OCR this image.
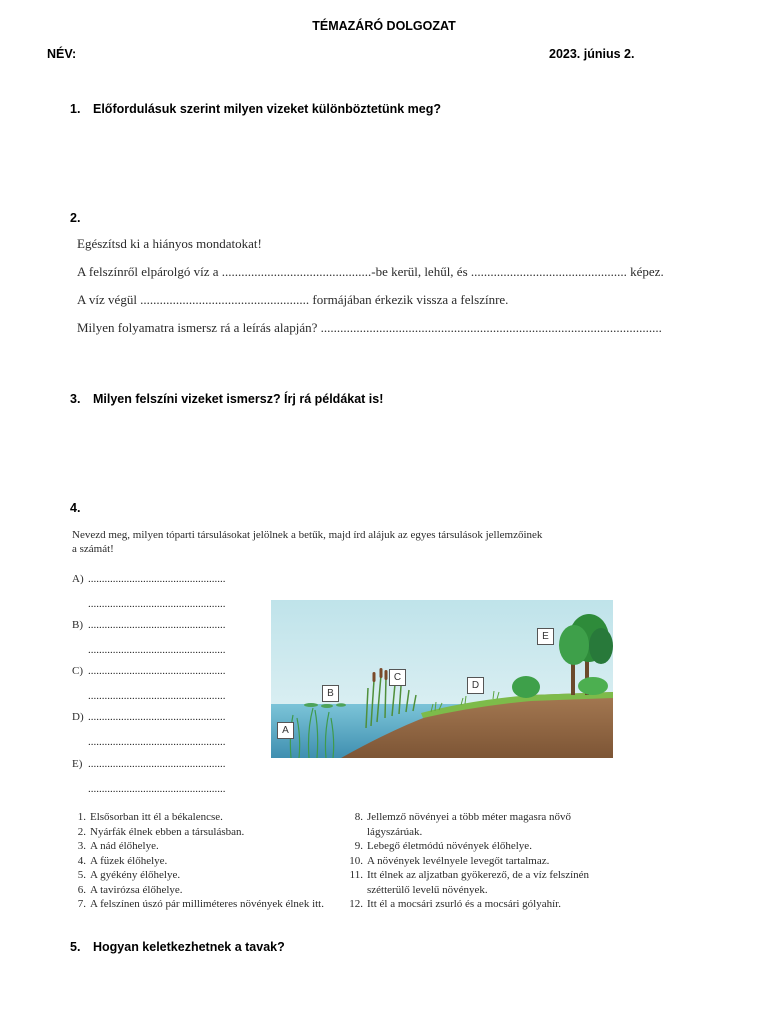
TÉMAZÁRÓ DOLGOZAT
NÉV:	2023. június 2.
1. Előfordulásuk szerint milyen vizeket különböztetünk meg?
2.
Egészítsd ki a hiányos mondatokat!
A felszínről elpárolgó víz a ..............................................-be kerül, lehűl, és ................................................ képez.
A víz végül .................................................... formájában érkezik vissza a felszínre.
Milyen folyamatra ismersz rá a leírás alapján? .........................................................................................................
3. Milyen felszíni vizeket ismersz? Írj rá példákat is!
4.
Nevezd meg, milyen tóparti társulásokat jelölnek a betűk, majd írd alájuk az egyes társulások jellemzőinek
a számát!
A) ..................................................
..................................................
B) ..................................................
..................................................
C) ..................................................
..................................................
D) ..................................................
..................................................
E) ..................................................
..................................................
A
B
C
D
E
1. Elsősorban itt él a békalencse.
2. Nyárfák élnek ebben a társulásban.
3. A nád élőhelye.
4. A füzek élőhelye.
5. A gyékény élőhelye.
6. A tavirózsa élőhelye.
7. A felszínen úszó pár milliméteres növények élnek itt.
8. Jellemző növényei a több méter magasra nővő lágyszárúak.
9. Lebegő életmódú növények élőhelye.
10. A növények levélnyele levegőt tartalmaz.
11. Itt élnek az aljzatban gyökerező, de a víz felszínén szétterülő levelű növények.
12. Itt él a mocsári zsurló és a mocsári gólyahír.
5. Hogyan keletkezhetnek a tavak?
